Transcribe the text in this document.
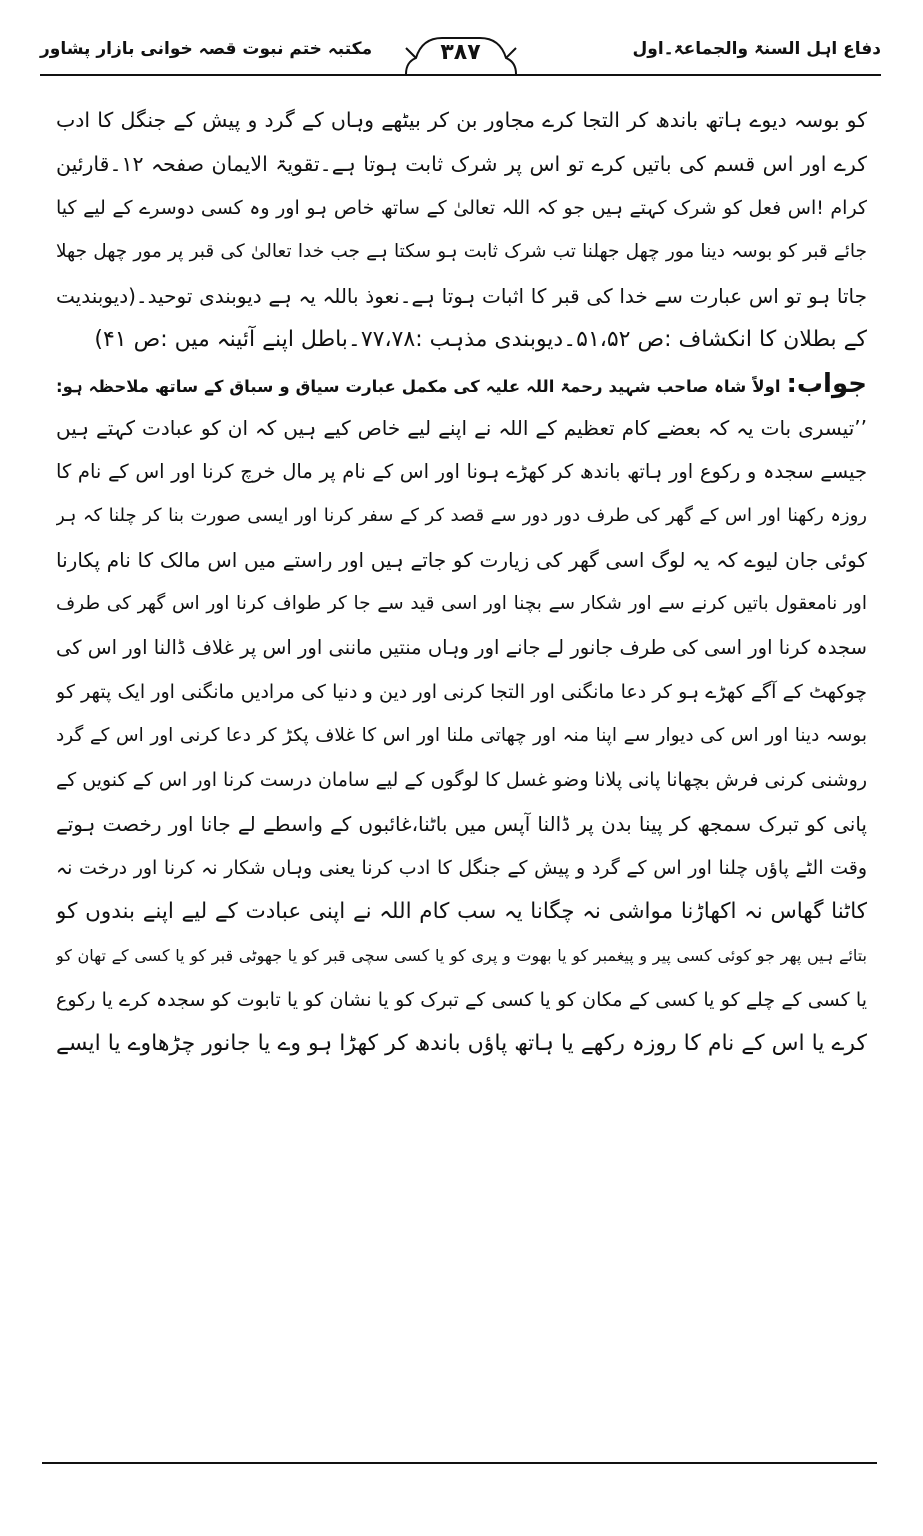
دفاع اہل السنۃ والجماعۃ۔اول
۳۸۷
مکتبہ ختم نبوت قصہ خوانی بازار پشاور
کو بوسہ دیوے ہاتھ باندھ کر التجا کرے مجاور بن کر بیٹھے وہاں کے گرد و پیش کے جنگل کا ادب
کرے اور اس قسم کی باتیں کرے تو اس پر شرک ثابت ہوتا ہے۔تقویۃ الایمان صفحہ ۱۲۔قارئین
کرام !اس فعل کو شرک کہتے ہیں جو کہ اللہ تعالیٰ کے ساتھ خاص ہو اور وہ کسی دوسرے کے لیے کیا
جائے قبر کو بوسہ دینا مور چھل جھلنا تب شرک ثابت ہو سکتا ہے جب خدا تعالیٰ کی قبر پر مور چھل جھلا
جاتا ہو تو اس عبارت سے خدا کی قبر کا اثبات ہوتا ہے۔نعوذ باللہ یہ ہے دیوبندی توحید۔(دیوبندیت
کے بطلان کا انکشاف :ص ۵۱،۵۲۔دیوبندی مذہب :۷۷،۷۸۔باطل اپنے آئینہ میں :ص ۴۱)
جواب: اولاً شاہ صاحب شہید رحمۃ اللہ علیہ کی مکمل عبارت سیاق و سباق کے ساتھ ملاحظہ ہو:
’’تیسری بات یہ کہ بعضے کام تعظیم کے اللہ نے اپنے لیے خاص کیے ہیں کہ ان کو عبادت کہتے ہیں
جیسے سجدہ و رکوع اور ہاتھ باندھ کر کھڑے ہونا اور اس کے نام پر مال خرچ کرنا اور اس کے نام کا
روزہ رکھنا اور اس کے گھر کی طرف دور دور سے قصد کر کے سفر کرنا اور ایسی صورت بنا کر چلنا کہ ہر
کوئی جان لیوے کہ یہ لوگ اسی گھر کی زیارت کو جاتے ہیں اور راستے میں اس مالک کا نام پکارنا
اور نامعقول باتیں کرنے سے اور شکار سے بچنا اور اسی قید سے جا کر طواف کرنا اور اس گھر کی طرف
سجدہ کرنا اور اسی کی طرف جانور لے جانے اور وہاں منتیں ماننی اور اس پر غلاف ڈالنا اور اس کی
چوکھٹ کے آگے کھڑے ہو کر دعا مانگنی اور التجا کرنی اور دین و دنیا کی مرادیں مانگنی اور ایک پتھر کو
بوسہ دینا اور اس کی دیوار سے اپنا منہ اور چھاتی ملنا اور اس کا غلاف پکڑ کر دعا کرنی اور اس کے گرد
روشنی کرنی فرش بچھانا پانی پلانا وضو غسل کا لوگوں کے لیے سامان درست کرنا اور اس کے کنویں کے
پانی کو تبرک سمجھ کر پینا بدن پر ڈالنا آپس میں باٹنا،غائبوں کے واسطے لے جانا اور رخصت ہوتے
وقت الٹے پاؤں چلنا اور اس کے گرد و پیش کے جنگل کا ادب کرنا یعنی وہاں شکار نہ کرنا اور درخت نہ
کاٹنا گھاس نہ اکھاڑنا مواشی نہ چگانا یہ سب کام اللہ نے اپنی عبادت کے لیے اپنے بندوں کو
بتائے ہیں پھر جو کوئی کسی پیر و پیغمبر کو یا بھوت و پری کو یا کسی سچی قبر کو یا جھوٹی قبر کو یا کسی کے تھان کو
یا کسی کے چلے کو یا کسی کے مکان کو یا کسی کے تبرک کو یا نشان کو یا تابوت کو سجدہ کرے یا رکوع
کرے یا اس کے نام کا روزہ رکھے یا ہاتھ پاؤں باندھ کر کھڑا ہو وے یا جانور چڑھاوے یا ایسے
